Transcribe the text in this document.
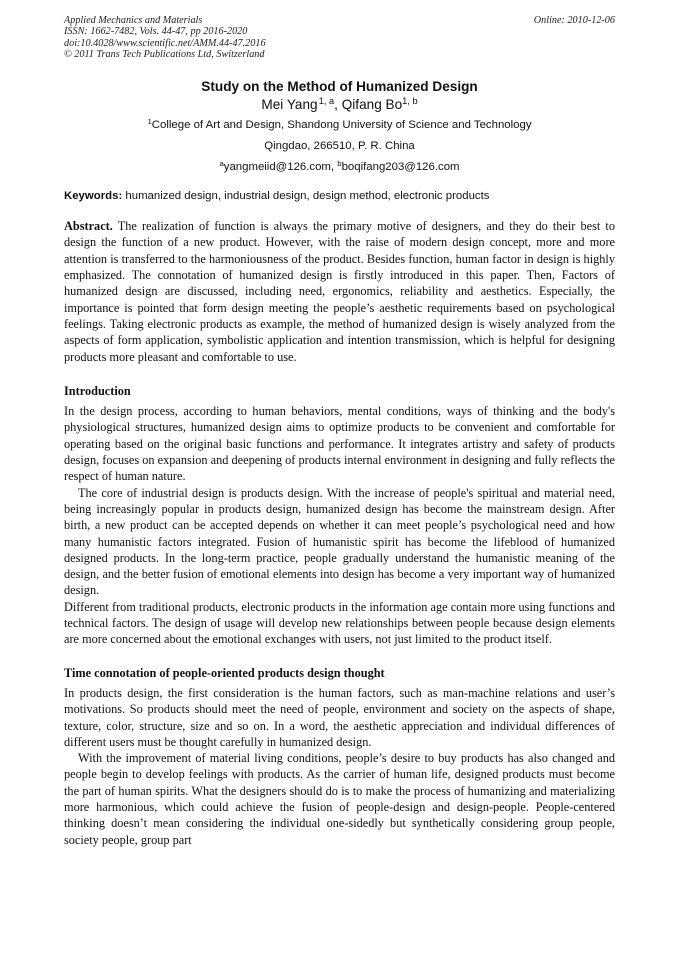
Applied Mechanics and Materials
ISSN: 1662-7482, Vols. 44-47, pp 2016-2020
doi:10.4028/www.scientific.net/AMM.44-47.2016
© 2011 Trans Tech Publications Ltd, Switzerland
Online: 2010-12-06
Study on the Method of Humanized Design
Mei Yang $^{1, a}$, Qifang Bo$^{1, b}$
$^1$College of Art and Design, Shandong University of Science and Technology
Qingdao, 266510, P. R. China
$^a$yangmeiid@126.com, $^b$boqifang203@126.com
Keywords: humanized design, industrial design, design method, electronic products

Abstract. The realization of function is always the primary motive of designers, and they do their best to design the function of a new product. However, with the raise of modern design concept, more and more attention is transferred to the harmoniousness of the product. Besides function, human factor in design is highly emphasized. The connotation of humanized design is firstly introduced in this paper. Then, Factors of humanized design are discussed, including need, ergonomics, reliability and aesthetics. Especially, the importance is pointed that form design meeting the people’s aesthetic requirements based on psychological feelings. Taking electronic products as example, the method of humanized design is wisely analyzed from the aspects of form application, symbolistic application and intention transmission, which is helpful for designing products more pleasant and comfortable to use.

Introduction

In the design process, according to human behaviors, mental conditions, ways of thinking and the body's physiological structures, humanized design aims to optimize products to be convenient and comfortable for operating based on the original basic functions and performance. It integrates artistry and safety of products design, focuses on expansion and deepening of products internal environment in designing and fully reflects the respect of human nature.

The core of industrial design is products design. With the increase of people's spiritual and material need, being increasingly popular in products design, humanized design has become the mainstream design. After birth, a new product can be accepted depends on whether it can meet people’s psychological need and how many humanistic factors integrated. Fusion of humanistic spirit has become the lifeblood of humanized designed products. In the long-term practice, people gradually understand the humanistic meaning of the design, and the better fusion of emotional elements into design has become a very important way of humanized design.

Different from traditional products, electronic products in the information age contain more using functions and technical factors. The design of usage will develop new relationships between people because design elements are more concerned about the emotional exchanges with users, not just limited to the product itself.

Time connotation of people-oriented products design thought

In products design, the first consideration is the human factors, such as man-machine relations and user’s motivations. So products should meet the need of people, environment and society on the aspects of shape, texture, color, structure, size and so on. In a word, the aesthetic appreciation and individual differences of different users must be thought carefully in humanized design.

With the improvement of material living conditions, people’s desire to buy products has also changed and people begin to develop feelings with products. As the carrier of human life, designed products must become the part of human spirits. What the designers should do is to make the process of humanizing and materializing more harmonious, which could achieve the fusion of people-design and design-people. People-centered thinking doesn’t mean considering the individual one-sidedly but synthetically considering group people, society people, group part
